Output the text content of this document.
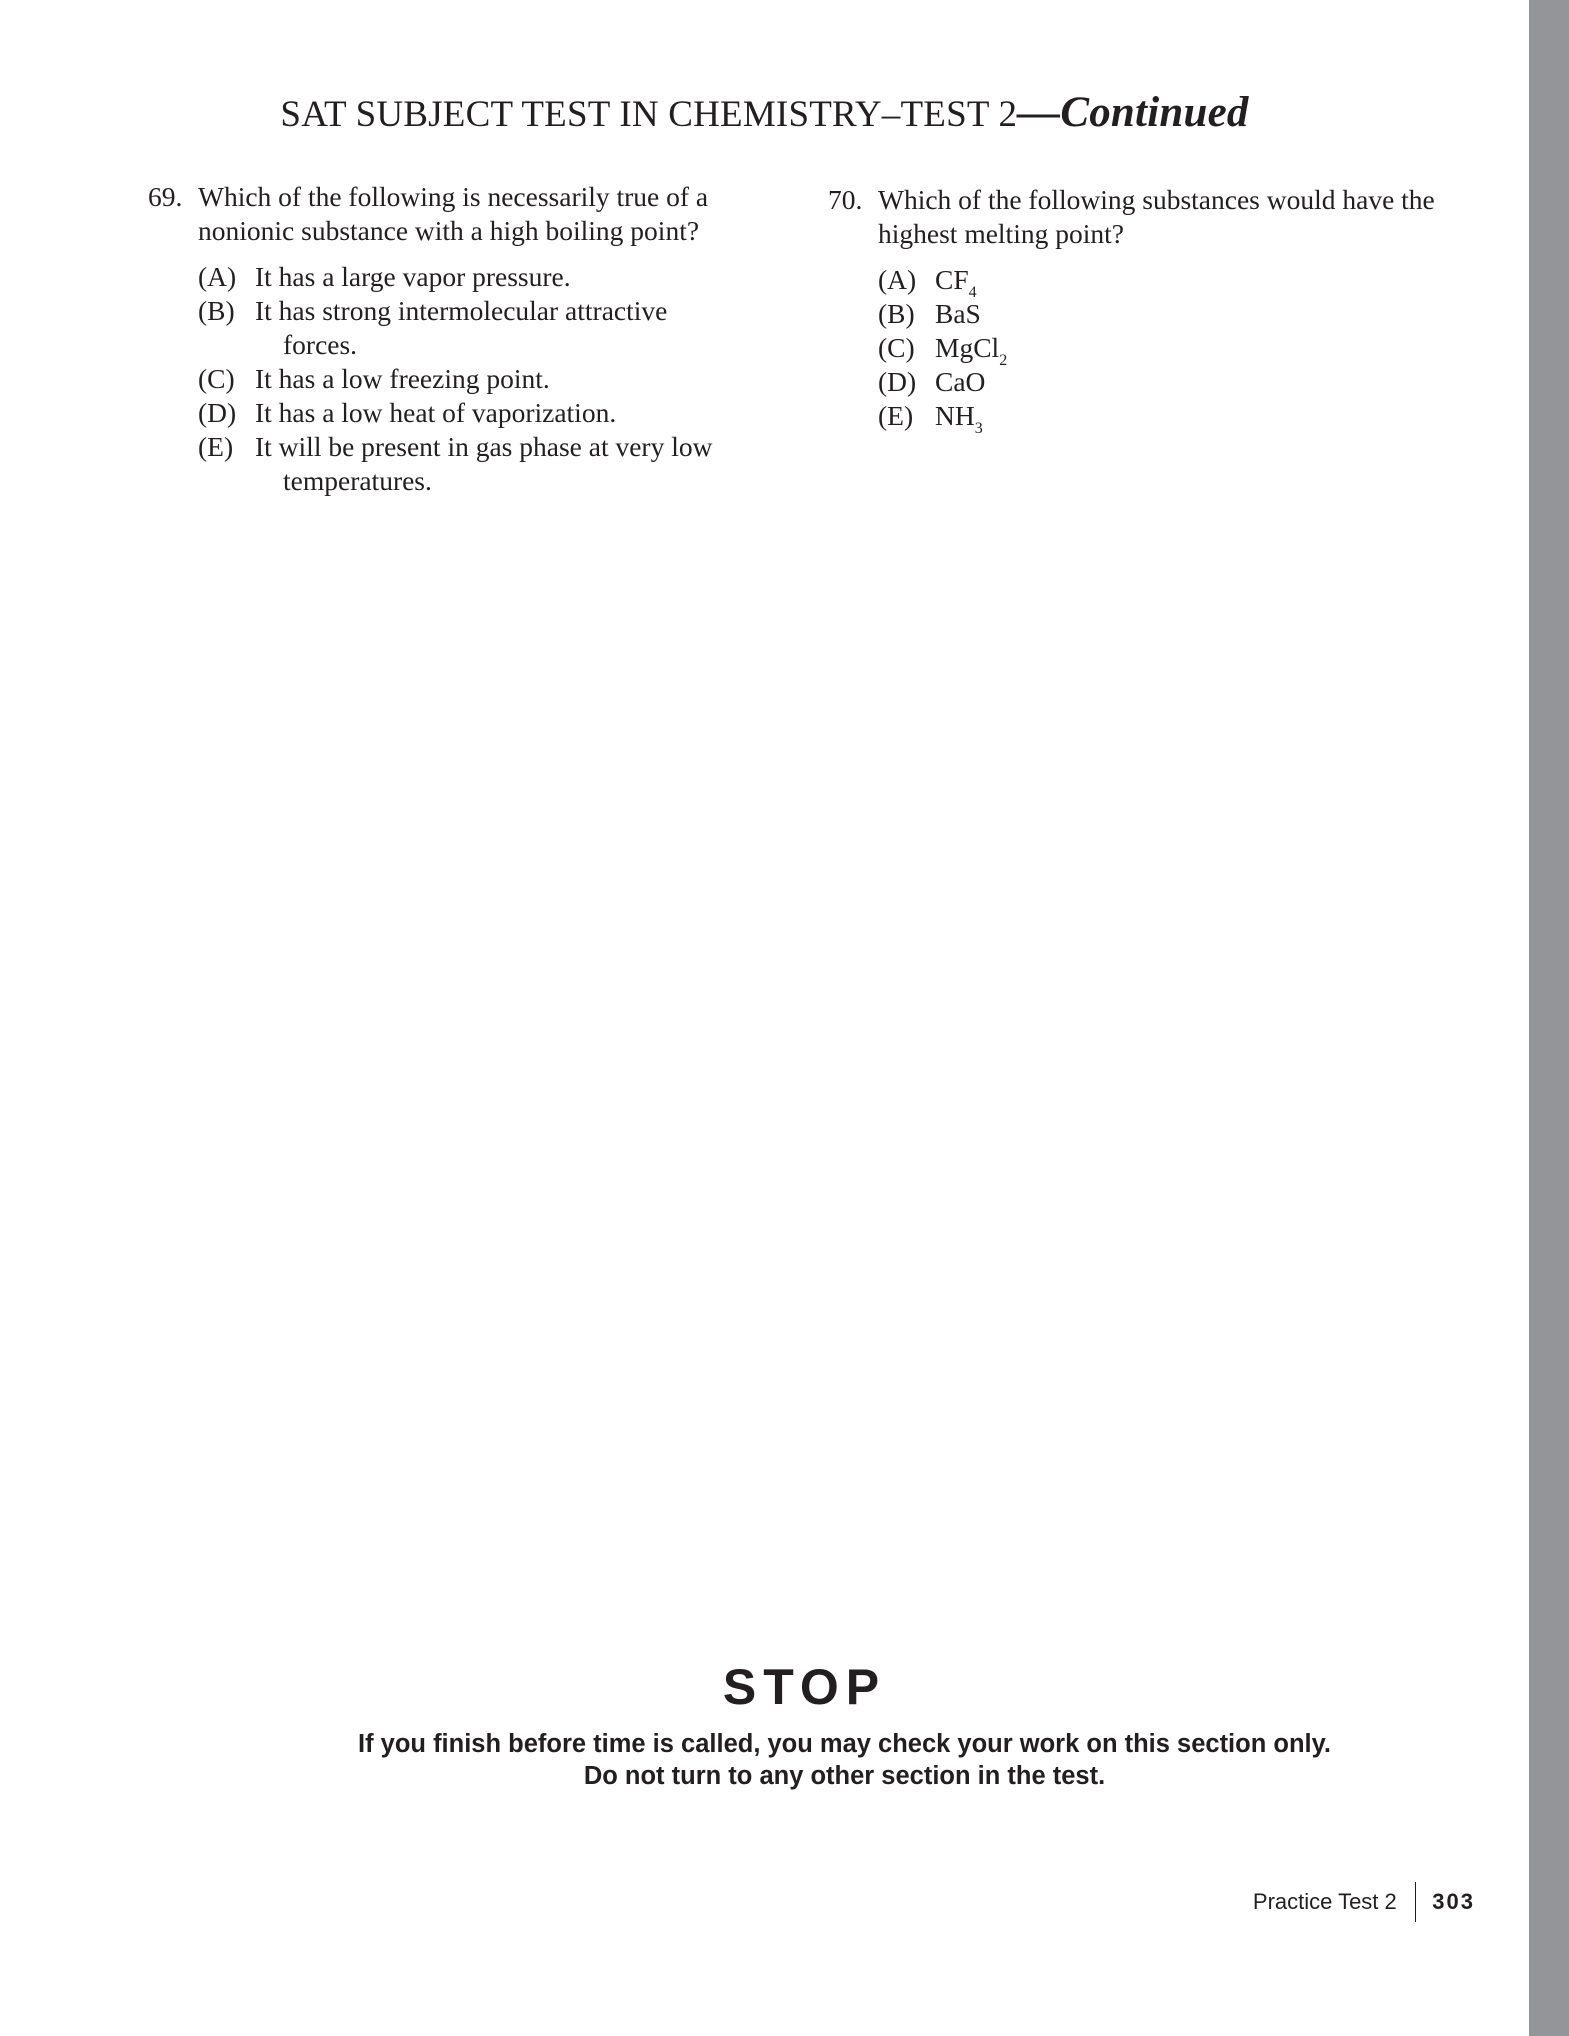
SAT SUBJECT TEST IN CHEMISTRY–TEST 2—Continued
69. Which of the following is necessarily true of a nonionic substance with a high boiling point?
(A) It has a large vapor pressure.
(B) It has strong intermolecular attractive
forces.
(C) It has a low freezing point.
(D) It has a low heat of vaporization.
(E) It will be present in gas phase at very low
temperatures.
70. Which of the following substances would have the highest melting point?
(A) $CF_4$
(B) BaS
(C) MgCl$_2$
(D) CaO
(E) $NH_3$
STOP
If you finish before time is called, you may check your work on this section only.
Do not turn to any other section in the test.
Practice Test 2 303
